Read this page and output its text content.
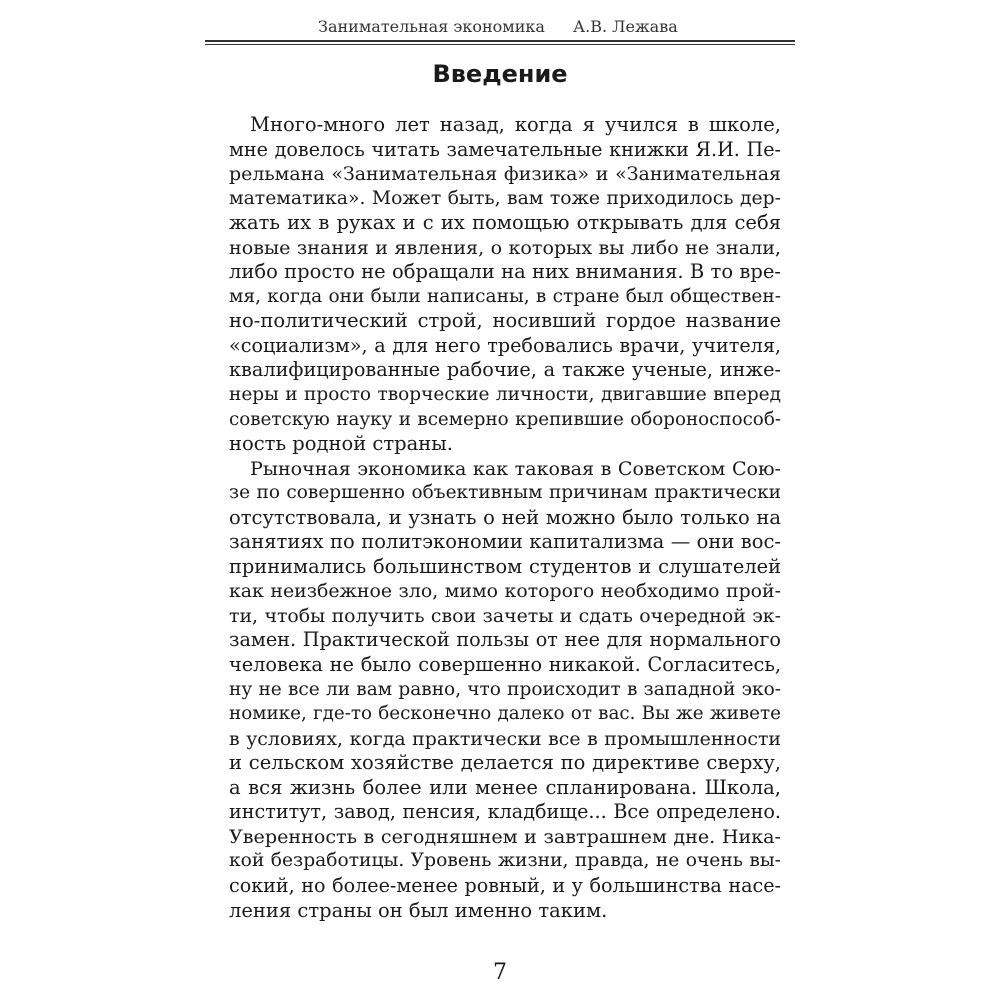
Занимательная экономика А.В. Лежава
Введение
Много-много лет назад, когда я учился в школе,
мне довелось читать замечательные книжки Я.И. Пе-
рельмана «Занимательная физика» и «Занимательная
математика». Может быть, вам тоже приходилось дер-
жать их в руках и с их помощью открывать для себя
новые знания и явления, о которых вы либо не знали,
либо просто не обращали на них внимания. В то вре-
мя, когда они были написаны, в стране был обществен-
но-политический строй, носивший гордое название
«социализм», а для него требовались врачи, учителя,
квалифицированные рабочие, а также ученые, инже-
неры и просто творческие личности, двигавшие вперед
советскую науку и всемерно крепившие обороноспособ-
ность родной страны.
Рыночная экономика как таковая в Советском Сою-
зе по совершенно объективным причинам практически
отсутствовала, и узнать о ней можно было только на
занятиях по политэкономии капитализма — они вос-
принимались большинством студентов и слушателей
как неизбежное зло, мимо которого необходимо прой-
ти, чтобы получить свои зачеты и сдать очередной эк-
замен. Практической пользы от нее для нормального
человека не было совершенно никакой. Согласитесь,
ну не все ли вам равно, что происходит в западной эко-
номике, где-то бесконечно далеко от вас. Вы же живете
в условиях, когда практически все в промышленности
и сельском хозяйстве делается по директиве сверху,
а вся жизнь более или менее спланирована. Школа,
институт, завод, пенсия, кладбище... Все определено.
Уверенность в сегодняшнем и завтрашнем дне. Ника-
кой безработицы. Уровень жизни, правда, не очень вы-
сокий, но более-менее ровный, и у большинства насе-
ления страны он был именно таким.
7
